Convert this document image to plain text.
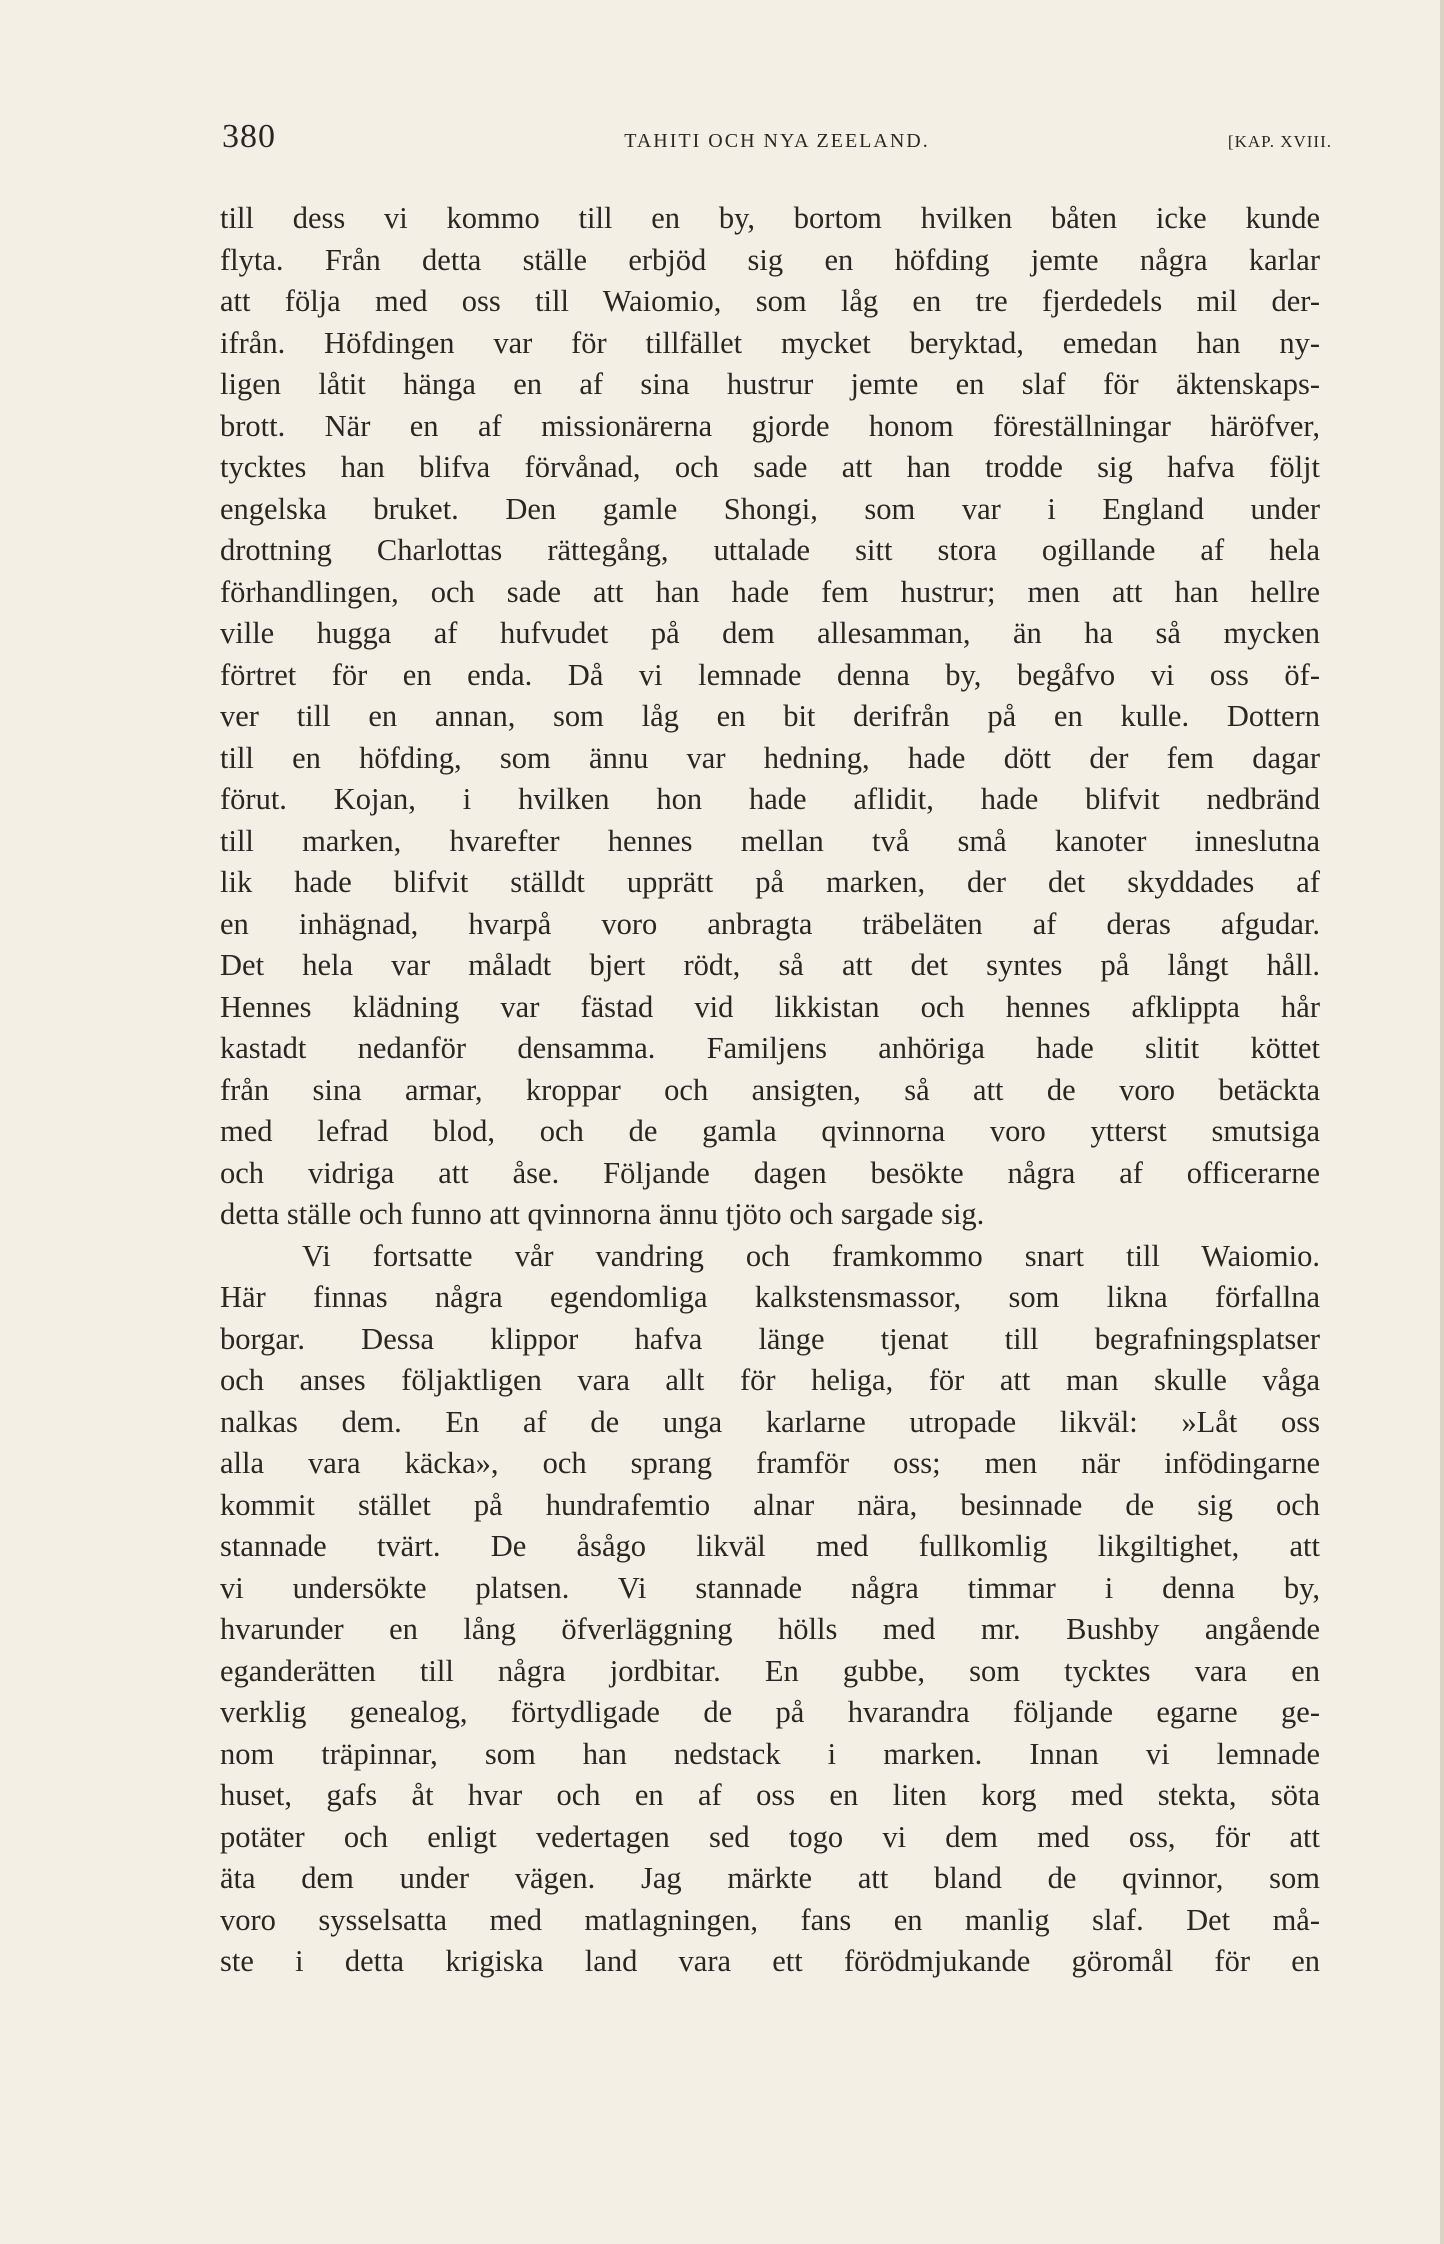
380	TAHITI OCH NYA ZEELAND.	[KAP. XVIII.
till dess vi kommo till en by, bortom hvilken båten icke kunde
flyta. Från detta ställe erbjöd sig en höfding jemte några karlar
att följa med oss till Waiomio, som låg en tre fjerdedels mil der-
ifrån. Höfdingen var för tillfället mycket beryktad, emedan han ny-
ligen låtit hänga en af sina hustrur jemte en slaf för äktenskaps-
brott. När en af missionärerna gjorde honom föreställningar häröfver,
tycktes han blifva förvånad, och sade att han trodde sig hafva följt
engelska bruket. Den gamle Shongi, som var i England under
drottning Charlottas rättegång, uttalade sitt stora ogillande af hela
förhandlingen, och sade att han hade fem hustrur; men att han hellre
ville hugga af hufvudet på dem allesamman, än ha så mycken
förtret för en enda. Då vi lemnade denna by, begåfvo vi oss öf-
ver till en annan, som låg en bit derifrån på en kulle. Dottern
till en höfding, som ännu var hedning, hade dött der fem dagar
förut. Kojan, i hvilken hon hade aflidit, hade blifvit nedbränd
till marken, hvarefter hennes mellan två små kanoter inneslutna
lik hade blifvit ställdt upprätt på marken, der det skyddades af
en inhägnad, hvarpå voro anbragta träbeläten af deras afgudar.
Det hela var måladt bjert rödt, så att det syntes på långt håll.
Hennes klädning var fästad vid likkistan och hennes afklippta hår
kastadt nedanför densamma. Familjens anhöriga hade slitit köttet
från sina armar, kroppar och ansigten, så att de voro betäckta
med lefrad blod, och de gamla qvinnorna voro ytterst smutsiga
och vidriga att åse. Följande dagen besökte några af officerarne
detta ställe och funno att qvinnorna ännu tjöto och sargade sig.
Vi fortsatte vår vandring och framkommo snart till Waiomio.
Här finnas några egendomliga kalkstensmassor, som likna förfallna
borgar. Dessa klippor hafva länge tjenat till begrafningsplatser
och anses följaktligen vara allt för heliga, för att man skulle våga
nalkas dem. En af de unga karlarne utropade likväl: »Låt oss
alla vara käcka», och sprang framför oss; men när infödingarne
kommit stället på hundrafemtio alnar nära, besinnade de sig och
stannade tvärt. De åsågo likväl med fullkomlig likgiltighet, att
vi undersökte platsen. Vi stannade några timmar i denna by,
hvarunder en lång öfverläggning hölls med mr. Bushby angående
eganderätten till några jordbitar. En gubbe, som tycktes vara en
verklig genealog, förtydligade de på hvarandra följande egarne ge-
nom träpinnar, som han nedstack i marken. Innan vi lemnade
huset, gafs åt hvar och en af oss en liten korg med stekta, söta
potäter och enligt vedertagen sed togo vi dem med oss, för att
äta dem under vägen. Jag märkte att bland de qvinnor, som
voro sysselsatta med matlagningen, fans en manlig slaf. Det må-
ste i detta krigiska land vara ett förödmjukande göromål för en
